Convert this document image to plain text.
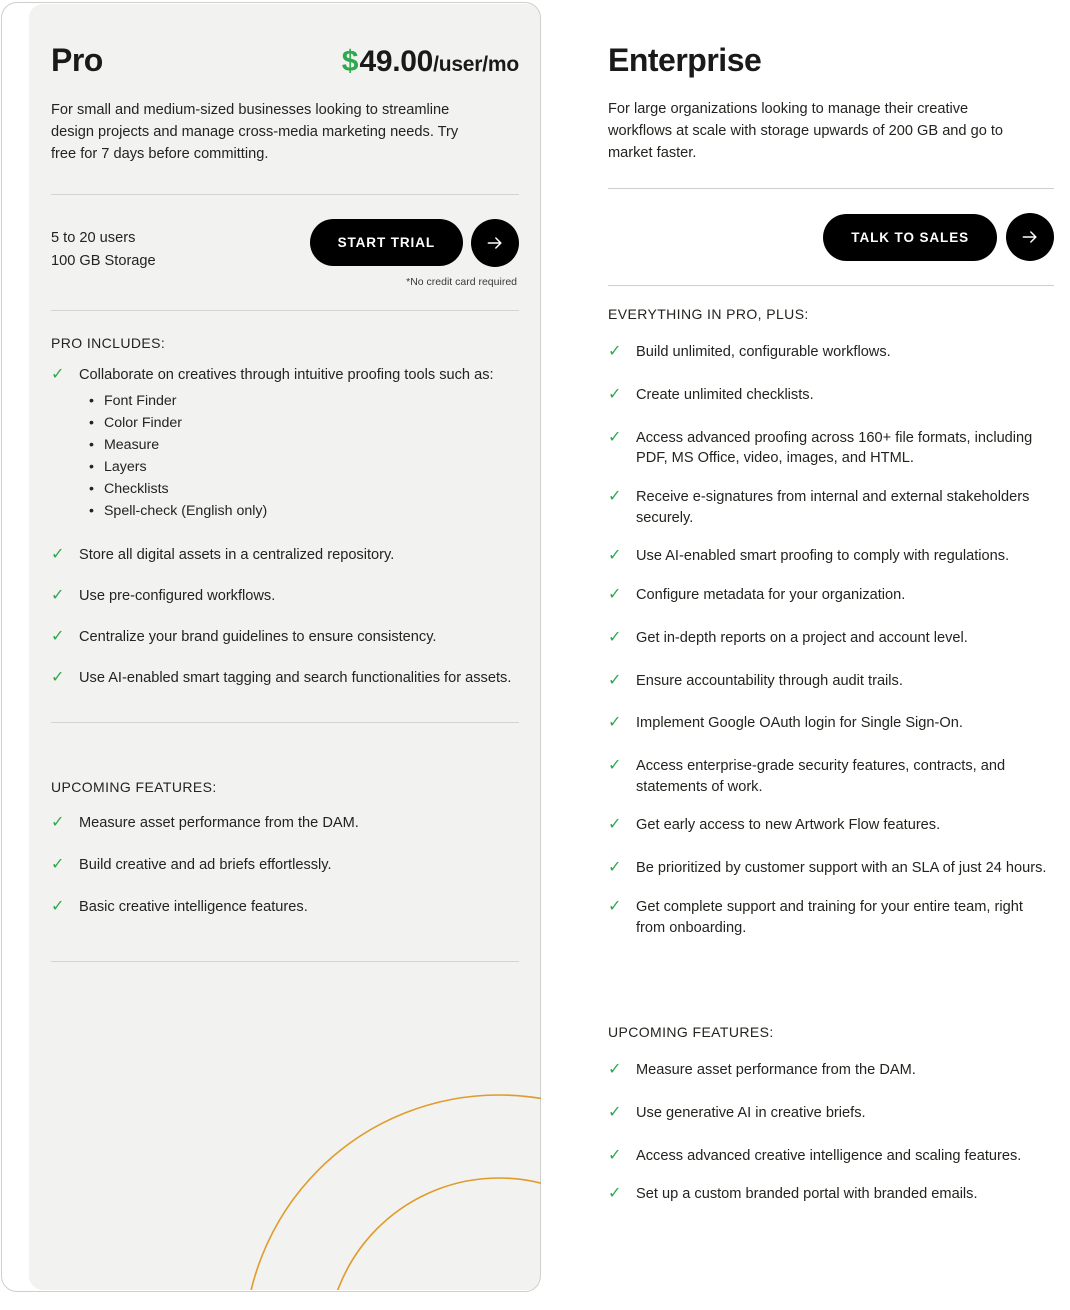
Pro	$ 49.00 /user/mo

For small and medium-sized businesses looking to streamline design projects and manage cross-media marketing needs. Try free for 7 days before committing.

5 to 20 users
100 GB Storage
START TRIAL
*No credit card required
PRO INCLUDES:
✓ Collaborate on creatives through intuitive proofing tools such as:
• Font Finder
• Color Finder
• Measure
• Layers
• Checklists
• Spell-check (English only)
✓ Store all digital assets in a centralized repository.
✓ Use pre-configured workflows.
✓ Centralize your brand guidelines to ensure consistency.
✓ Use AI-enabled smart tagging and search functionalities for assets.
UPCOMING FEATURES:
✓ Measure asset performance from the DAM.
✓ Build creative and ad briefs effortlessly.
✓ Basic creative intelligence features.
Enterprise

For large organizations looking to manage their creative workflows at scale with storage upwards of 200 GB and go to market faster.

TALK TO SALES
EVERYTHING IN PRO, PLUS:
✓ Build unlimited, configurable workflows.
✓ Create unlimited checklists.
✓ Access advanced proofing across 160+ file formats, including PDF, MS Office, video, images, and HTML.
✓ Receive e-signatures from internal and external stakeholders securely.
✓ Use AI-enabled smart proofing to comply with regulations.
✓ Configure metadata for your organization.
✓ Get in-depth reports on a project and account level.
✓ Ensure accountability through audit trails.
✓ Implement Google OAuth login for Single Sign-On.
✓ Access enterprise-grade security features, contracts, and statements of work.
✓ Get early access to new Artwork Flow features.
✓ Be prioritized by customer support with an SLA of just 24 hours.
✓ Get complete support and training for your entire team, right from onboarding.
UPCOMING FEATURES:
✓ Measure asset performance from the DAM.
✓ Use generative AI in creative briefs.
✓ Access advanced creative intelligence and scaling features.
✓ Set up a custom branded portal with branded emails.
